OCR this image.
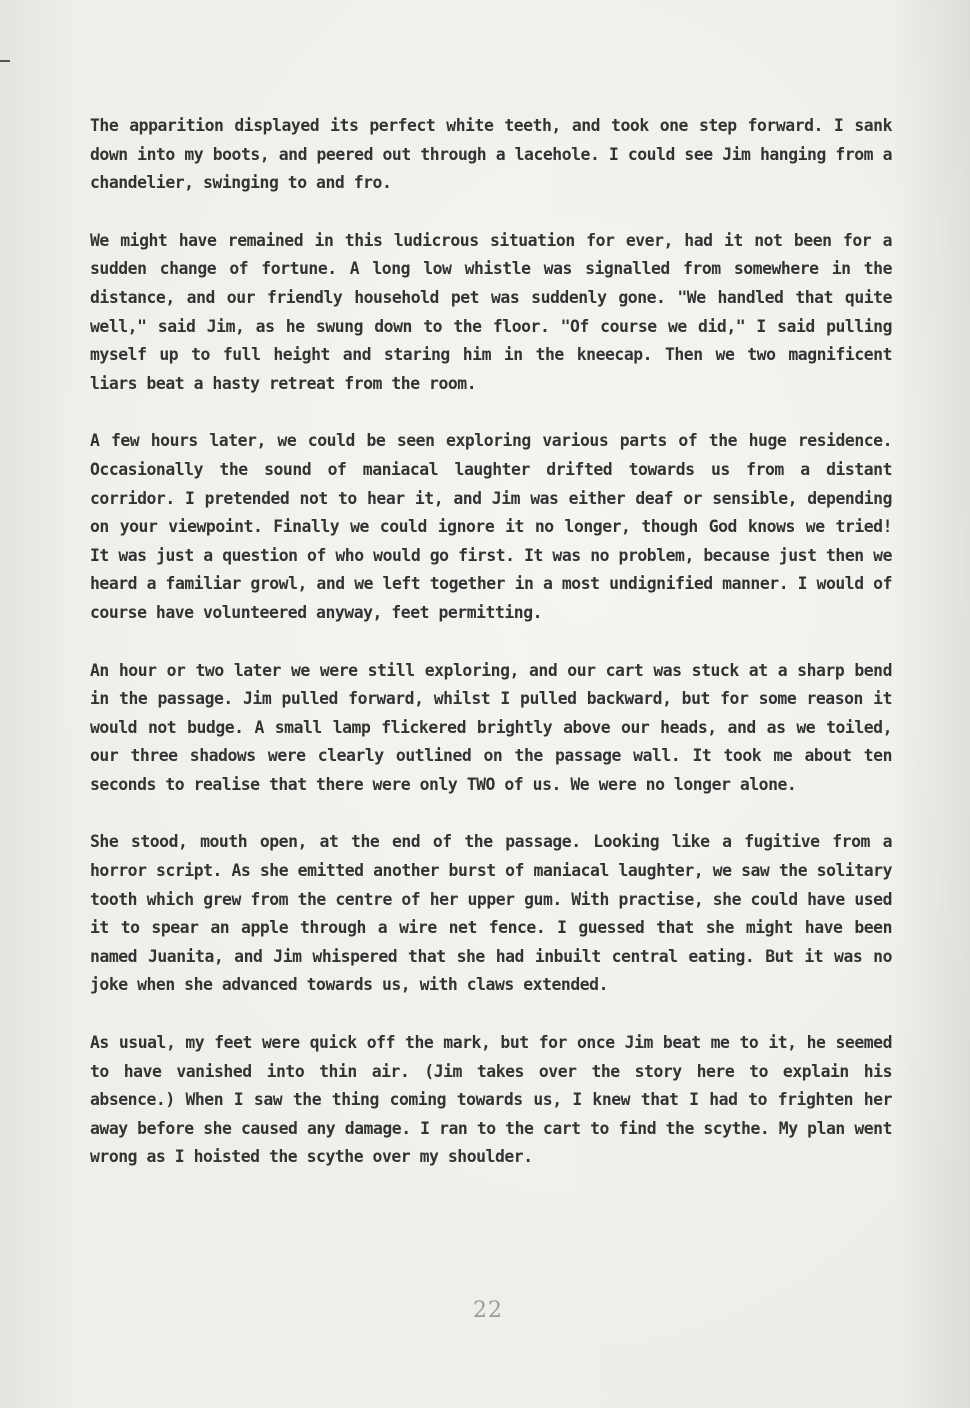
The apparition displayed its perfect white teeth, and took one step forward. I sank down into my boots, and peered out through a lacehole. I could see Jim hanging from a chandelier, swinging to and fro.

We might have remained in this ludicrous situation for ever, had it not been for a sudden change of fortune. A long low whistle was signalled from somewhere in the distance, and our friendly household pet was suddenly gone. "We handled that quite well," said Jim, as he swung down to the floor. "Of course we did," I said pulling myself up to full height and staring him in the kneecap. Then we two magnificent liars beat a hasty retreat from the room.

A few hours later, we could be seen exploring various parts of the huge residence. Occasionally the sound of maniacal laughter drifted towards us from a distant corridor. I pretended not to hear it, and Jim was either deaf or sensible, depending on your viewpoint. Finally we could ignore it no longer, though God knows we tried! It was just a question of who would go first. It was no problem, because just then we heard a familiar growl, and we left together in a most undignified manner. I would of course have volunteered anyway, feet permitting.

An hour or two later we were still exploring, and our cart was stuck at a sharp bend in the passage. Jim pulled forward, whilst I pulled backward, but for some reason it would not budge. A small lamp flickered brightly above our heads, and as we toiled, our three shadows were clearly outlined on the passage wall. It took me about ten seconds to realise that there were only TWO of us. We were no longer alone.

She stood, mouth open, at the end of the passage. Looking like a fugitive from a horror script. As she emitted another burst of maniacal laughter, we saw the solitary tooth which grew from the centre of her upper gum. With practise, she could have used it to spear an apple through a wire net fence. I guessed that she might have been named Juanita, and Jim whispered that she had inbuilt central eating. But it was no joke when she advanced towards us, with claws extended.

As usual, my feet were quick off the mark, but for once Jim beat me to it, he seemed to have vanished into thin air. (Jim takes over the story here to explain his absence.) When I saw the thing coming towards us, I knew that I had to frighten her away before she caused any damage. I ran to the cart to find the scythe. My plan went wrong as I hoisted the scythe over my shoulder.

22
